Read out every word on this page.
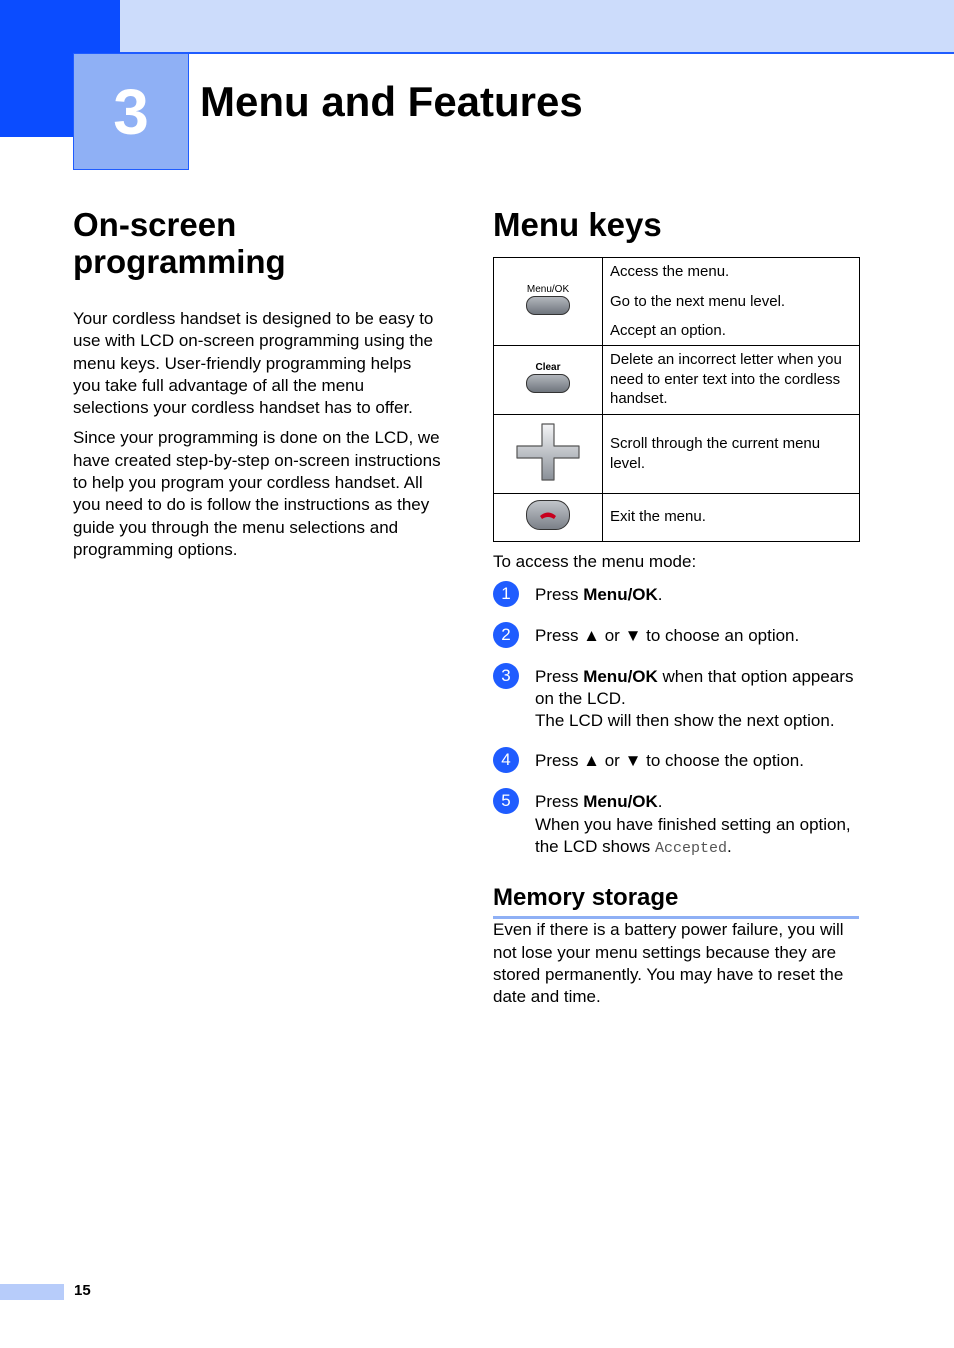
3 Menu and Features
On-screen programming

Your cordless handset is designed to be easy to use with LCD on-screen programming using the menu keys. User-friendly programming helps you take full advantage of all the menu selections your cordless handset has to offer.

Since your programming is done on the LCD, we have created step-by-step on-screen instructions to help you program your cordless handset. All you need to do is follow the instructions as they guide you through the menu selections and programming options.

Menu keys
Menu/OK	Access the menu.
Go to the next menu level.
Accept an option.

Clear	Delete an incorrect letter when you need to enter text into the cordless handset.

Scroll through the current menu level.

Exit the menu.

To access the menu mode:

1	Press Menu/OK.
2	Press ▲ or ▼ to choose an option.
3	Press Menu/OK when that option appears on the LCD.
The LCD will then show the next option.
4	Press ▲ or ▼ to choose the option.
5	Press Menu/OK.
When you have finished setting an option, the LCD shows Accepted.
Memory storage

Even if there is a battery power failure, you will not lose your menu settings because they are stored permanently. You may have to reset the date and time.

15
